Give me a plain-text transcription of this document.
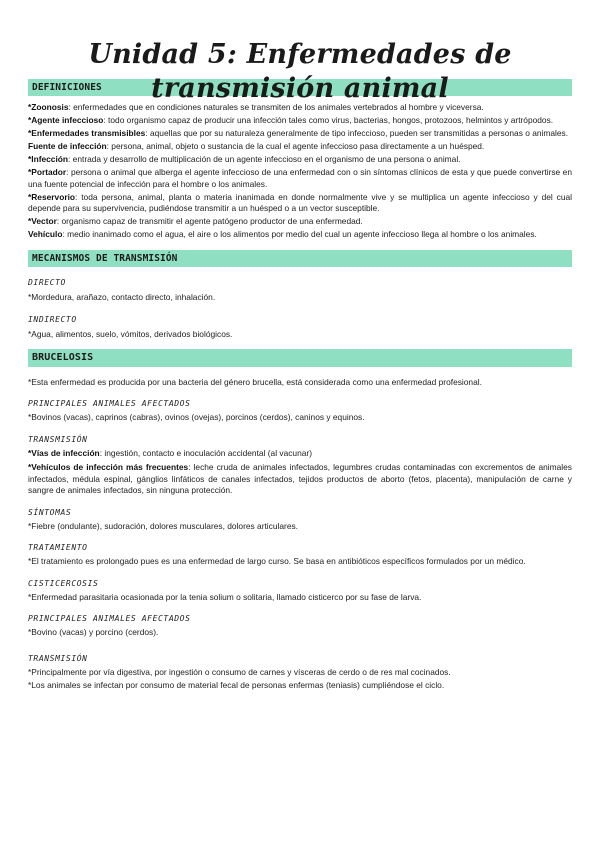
Unidad 5: Enfermedades de transmisión animal
DEFINICIONES

*Zoonosis: enfermedades que en condiciones naturales se transmiten de los animales vertebrados al hombre y viceversa.

*Agente infeccioso: todo organismo capaz de producir una infección tales como virus, bacterias, hongos, protozoos, helmintos y artrópodos.

*Enfermedades transmisibles: aquellas que por su naturaleza generalmente de tipo infeccioso, pueden ser transmitidas a personas o animales.

Fuente de infección: persona, animal, objeto o sustancia de la cual el agente infeccioso pasa directamente a un huésped.

*Infección: entrada y desarrollo de multiplicación de un agente infeccioso en el organismo de una persona o animal.

*Portador: persona o animal que alberga el agente infeccioso de una enfermedad con o sin síntomas clínicos de esta y que puede convertirse en una fuente potencial de infección para el hombre o los animales.

*Reservorio: toda persona, animal, planta o materia inanimada en donde normalmente vive y se multiplica un agente infeccioso y del cual depende para su supervivencia, pudiéndose transmitir a un huésped o a un vector susceptible.

*Vector: organismo capaz de transmitir el agente patógeno productor de una enfermedad.

Vehículo: medio inanimado como el agua, el aire o los alimentos por medio del cual un agente infeccioso llega al hombre o los animales.

MECANISMOS DE TRANSMISIÓN

DIRECTO

*Mordedura, arañazo, contacto directo, inhalación.

INDIRECTO

*Agua, alimentos, suelo, vómitos, derivados biológicos.

BRUCELOSIS

*Esta enfermedad es producida por una bacteria del género brucella, está considerada como una enfermedad profesional.

PRINCIPALES ANIMALES AFECTADOS

*Bovinos (vacas), caprinos (cabras), ovinos (ovejas), porcinos (cerdos), caninos y equinos.

TRANSMISIÓN

*Vías de infección: ingestión, contacto e inoculación accidental (al vacunar)

*Vehículos de infección más frecuentes: leche cruda de animales infectados, legumbres crudas contaminadas con excrementos de animales infectados, médula espinal, gánglios linfáticos de canales infectados, tejidos productos de aborto (fetos, placenta), manipulación de carne y sangre de animales infectados, sin ninguna protección.

SÍNTOMAS

*Fiebre (ondulante), sudoración, dolores musculares, dolores articulares.

TRATAMIENTO

*El tratamiento es prolongado pues es una enfermedad de largo curso. Se basa en antibióticos específicos formulados por un médico.

CISTICERCOSIS

*Enfermedad parasitaria ocasionada por la tenia solium o solitaria, llamado cisticerco por su fase de larva.

PRINCIPALES ANIMALES AFECTADOS

*Bovino (vacas) y porcino (cerdos).

TRANSMISIÓN

*Principalmente por vía digestiva, por ingestión o consumo de carnes y vísceras de cerdo o de res mal cocinados.

*Los animales se infectan por consumo de material fecal de personas enfermas (teniasis) cumpliéndose el ciclo.
